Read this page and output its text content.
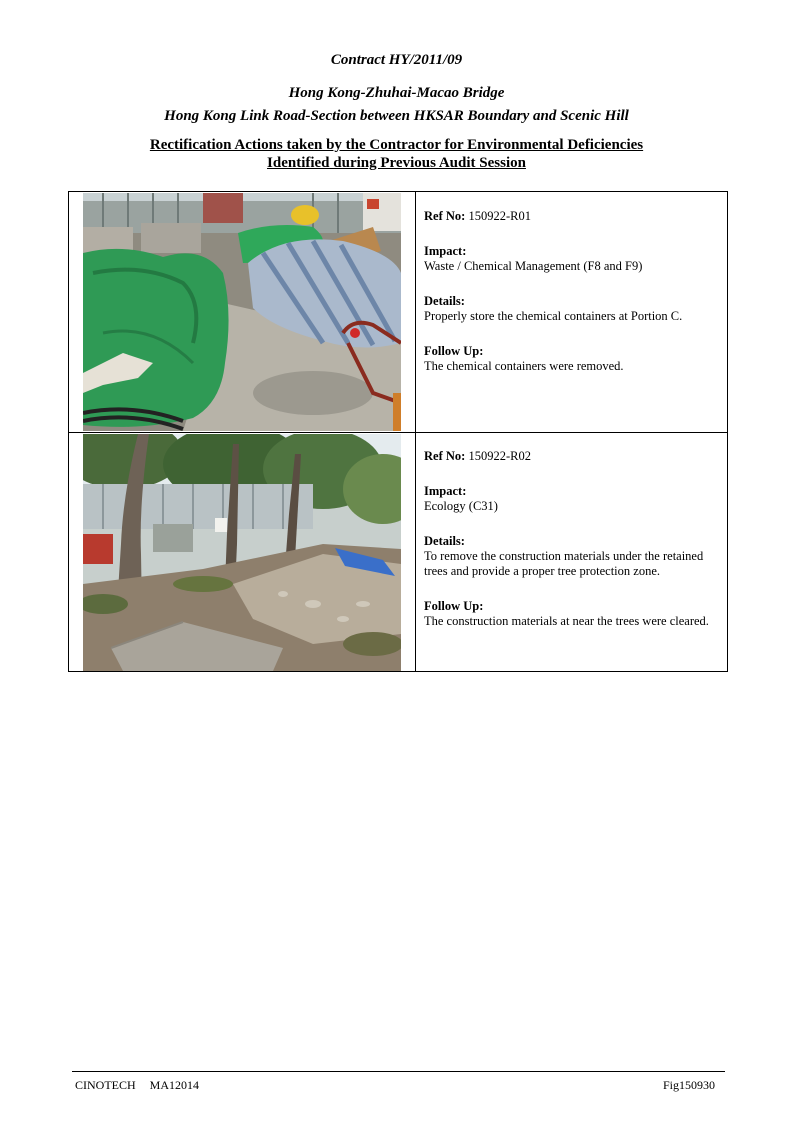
Contract HY/2011/09
Hong Kong-Zhuhai-Macao Bridge
Hong Kong Link Road-Section between HKSAR Boundary and Scenic Hill
Rectification Actions taken by the Contractor for Environmental Deficiencies
Identified during Previous Audit Session
Ref No: 150922-R01
Impact:
Waste / Chemical Management (F8 and F9)
Details:
Properly store the chemical containers at Portion C.
Follow Up:
The chemical containers were removed.
Ref No: 150922-R02
Impact:
Ecology (C31)
Details:
To remove the construction materials under the retained trees and provide a proper tree protection zone.
Follow Up:
The construction materials at near the trees were cleared.
CINOTECH MA12014	Fig150930
